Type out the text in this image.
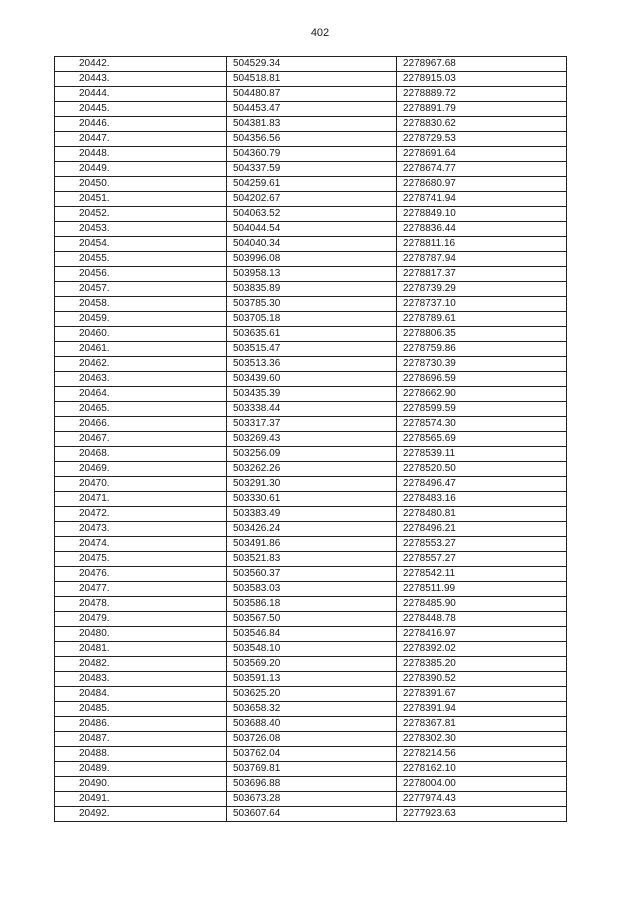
402
20442.	504529.34	2278967.68
20443.	504518.81	2278915.03
20444.	504480.87	2278889.72
20445.	504453.47	2278891.79
20446.	504381.83	2278830.62
20447.	504356.56	2278729.53
20448.	504360.79	2278691.64
20449.	504337.59	2278674.77
20450.	504259.61	2278680.97
20451.	504202.67	2278741.94
20452.	504063.52	2278849.10
20453.	504044.54	2278836.44
20454.	504040.34	2278811.16
20455.	503996.08	2278787.94
20456.	503958.13	2278817.37
20457.	503835.89	2278739.29
20458.	503785.30	2278737.10
20459.	503705.18	2278789.61
20460.	503635.61	2278806.35
20461.	503515.47	2278759.86
20462.	503513.36	2278730.39
20463.	503439.60	2278696.59
20464.	503435.39	2278662.90
20465.	503338.44	2278599.59
20466.	503317.37	2278574.30
20467.	503269.43	2278565.69
20468.	503256.09	2278539.11
20469.	503262.26	2278520.50
20470.	503291.30	2278496.47
20471.	503330.61	2278483.16
20472.	503383.49	2278480.81
20473.	503426.24	2278496.21
20474.	503491.86	2278553.27
20475.	503521.83	2278557.27
20476.	503560.37	2278542.11
20477.	503583.03	2278511.99
20478.	503586.18	2278485.90
20479.	503567.50	2278448.78
20480.	503546.84	2278416.97
20481.	503548.10	2278392.02
20482.	503569.20	2278385.20
20483.	503591.13	2278390.52
20484.	503625.20	2278391.67
20485.	503658.32	2278391.94
20486.	503688.40	2278367.81
20487.	503726.08	2278302.30
20488.	503762.04	2278214.56
20489.	503769.81	2278162.10
20490.	503696.88	2278004.00
20491.	503673.28	2277974.43
20492.	503607.64	2277923.63
